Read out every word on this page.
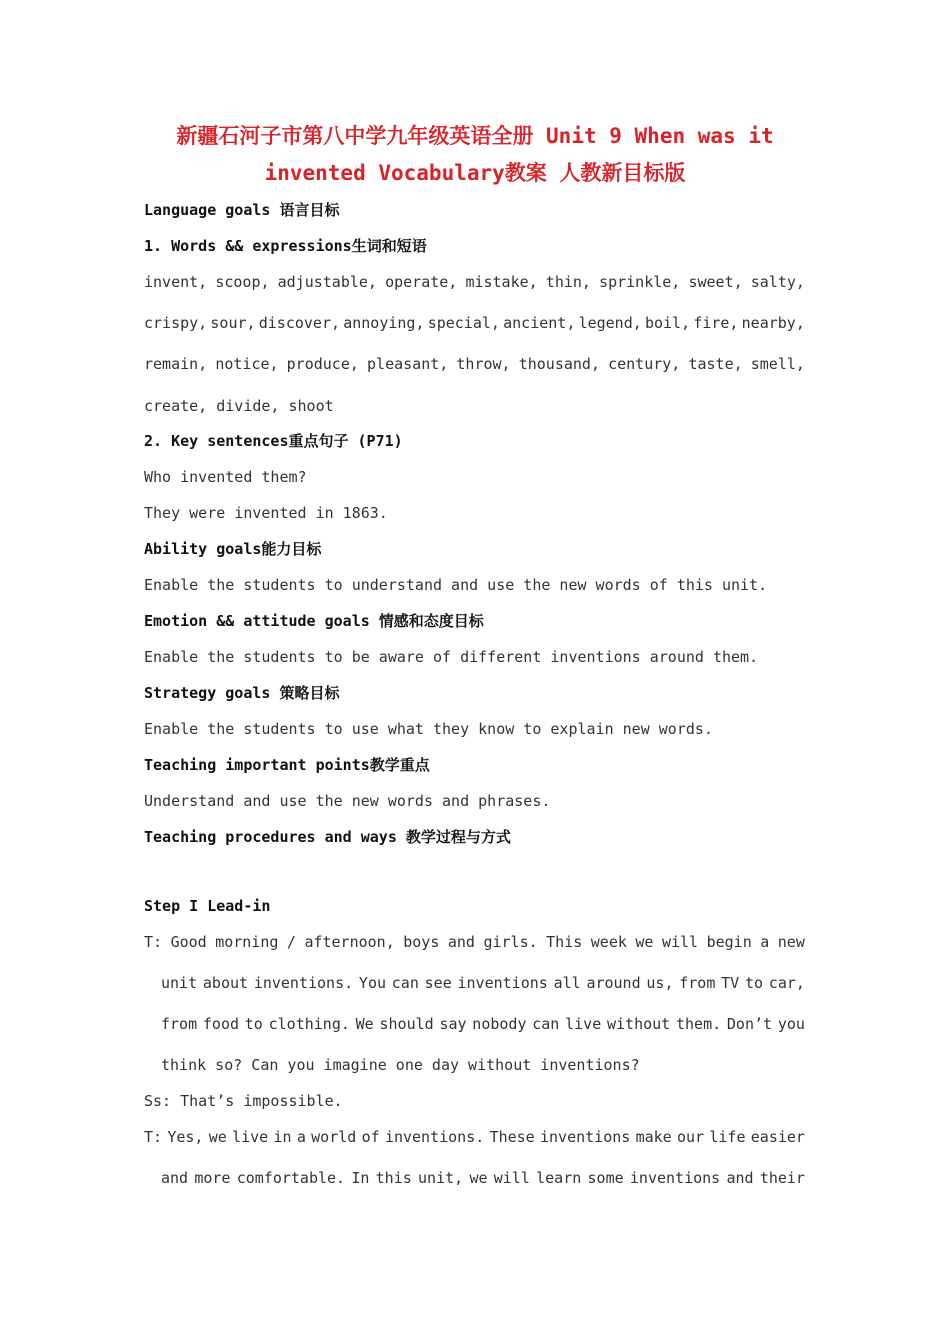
新疆石河子市第八中学九年级英语全册 Unit 9 When was it
invented Vocabulary教案 人教新目标版
Language goals 语言目标
1. Words && expressions生词和短语
invent, scoop, adjustable, operate, mistake, thin, sprinkle, sweet, salty,
crispy, sour, discover, annoying, special, ancient, legend, boil, fire, nearby,
remain, notice, produce, pleasant, throw, thousand, century, taste, smell,
create, divide, shoot
2. Key sentences重点句子 (P71)
Who invented them?
They were invented in 1863.
Ability goals能力目标
Enable the students to understand and use the new words of this unit.
Emotion && attitude goals 情感和态度目标
Enable the students to be aware of different inventions around them.
Strategy goals 策略目标
Enable the students to use what they know to explain new words.
Teaching important points教学重点
Understand and use the new words and phrases.
Teaching procedures and ways 教学过程与方式
Step I Lead-in
T: Good morning / afternoon, boys and girls. This week we will begin a new
unit about inventions. You can see inventions all around us, from TV to car,
from food to clothing. We should say nobody can live without them. Don’t you
think so? Can you imagine one day without inventions?
Ss: That’s impossible.
T: Yes, we live in a world of inventions. These inventions make our life easier
and more comfortable. In this unit, we will learn some inventions and their
